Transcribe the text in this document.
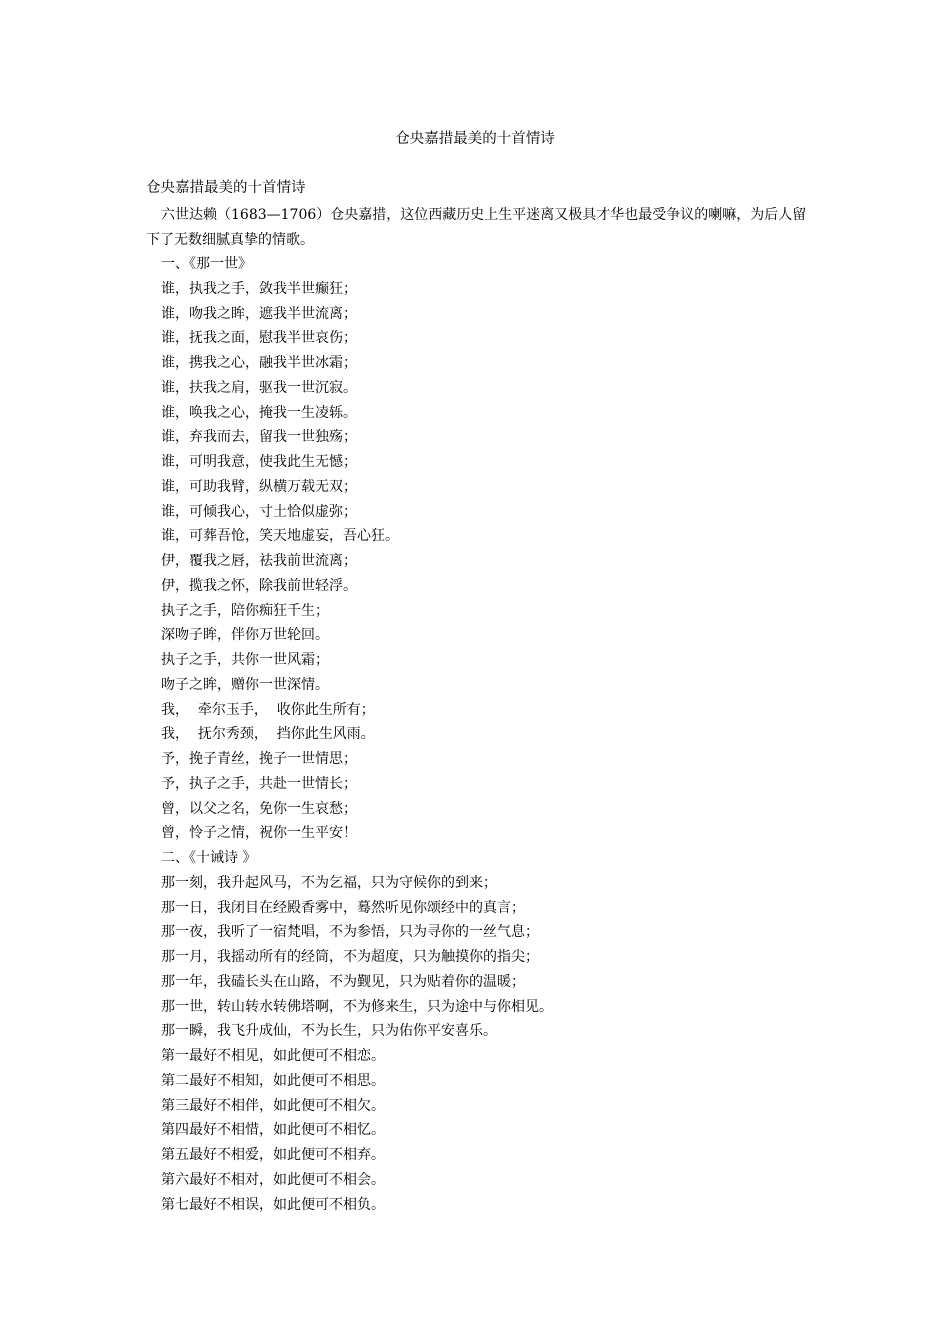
仓央嘉措最美的十首情诗
仓央嘉措最美的十首情诗
六世达赖（1683—1706）仓央嘉措，这位西藏历史上生平迷离又极具才华也最受争议的喇嘛，为后人留下了无数细腻真挚的情歌。
一、《那一世》
谁，执我之手，敛我半世癫狂；
谁，吻我之眸，遮我半世流离；
谁，抚我之面，慰我半世哀伤；
谁，携我之心，融我半世冰霜；
谁，扶我之肩，驱我一世沉寂。
谁，唤我之心，掩我一生凌轹。
谁，弃我而去，留我一世独殇；
谁，可明我意，使我此生无憾；
谁，可助我臂，纵横万载无双；
谁，可倾我心，寸土恰似虚弥；
谁，可葬吾怆，笑天地虚妄，吾心狂。
伊，覆我之唇，祛我前世流离；
伊，揽我之怀，除我前世轻浮。
执子之手，陪你痴狂千生；
深吻子眸，伴你万世轮回。
执子之手，共你一世风霜；
吻子之眸，赠你一世深情。
我，  牵尔玉手，  收你此生所有；
我，  抚尔秀颈，  挡你此生风雨。
予，挽子青丝，挽子一世情思；
予，执子之手，共赴一世情长；
曾，以父之名，免你一生哀愁；
曾，怜子之情，祝你一生平安！
二、《十诫诗 》
那一刻，我升起风马，不为乞福，只为守候你的到来；
那一日，我闭目在经殿香雾中，蓦然听见你颂经中的真言；
那一夜，我听了一宿梵唱，不为参悟，只为寻你的一丝气息；
那一月，我摇动所有的经筒，不为超度，只为触摸你的指尖；
那一年，我磕长头在山路，不为觐见，只为贴着你的温暖；
那一世，转山转水转佛塔啊，不为修来生，只为途中与你相见。
那一瞬，我飞升成仙，不为长生，只为佑你平安喜乐。
第一最好不相见，如此便可不相恋。
第二最好不相知，如此便可不相思。
第三最好不相伴，如此便可不相欠。
第四最好不相惜，如此便可不相忆。
第五最好不相爱，如此便可不相弃。
第六最好不相对，如此便可不相会。
第七最好不相误，如此便可不相负。
